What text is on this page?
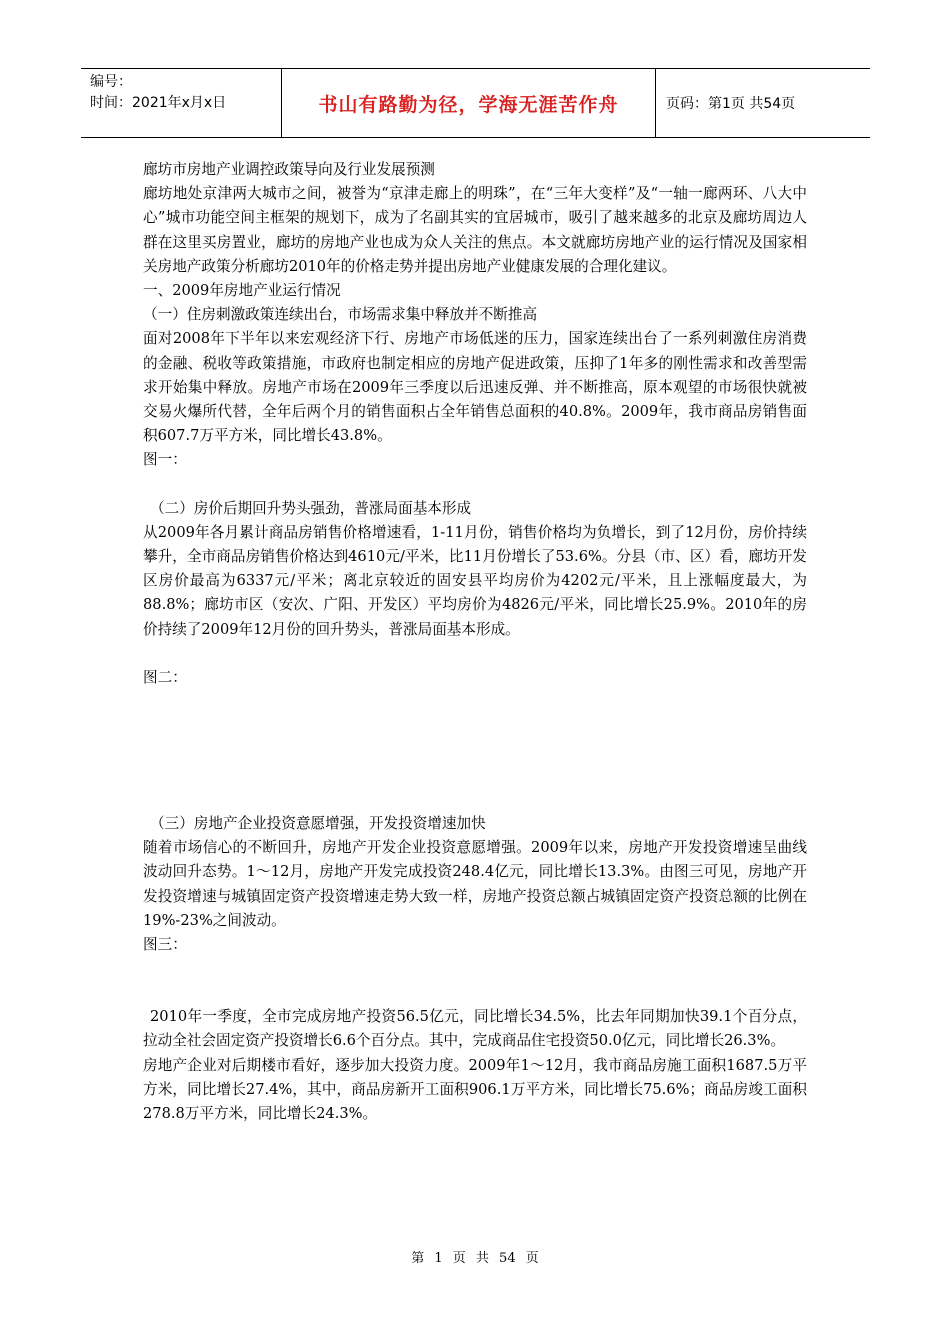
编号：
时间：2021年x月x日	书山有路勤为径，学海无涯苦作舟	页码：第1页 共54页

廊坊市房地产业调控政策导向及行业发展预测

廊坊地处京津两大城市之间，被誉为“京津走廊上的明珠”，在“三年大变样”及“一轴一廊两环、八大中心”城市功能空间主框架的规划下，成为了名副其实的宜居城市，吸引了越来越多的北京及廊坊周边人群在这里买房置业，廊坊的房地产业也成为众人关注的焦点。本文就廊坊房地产业的运行情况及国家相关房地产政策分析廊坊2010年的价格走势并提出房地产业健康发展的合理化建议。

一、2009年房地产业运行情况

（一）住房刺激政策连续出台，市场需求集中释放并不断推高

面对2008年下半年以来宏观经济下行、房地产市场低迷的压力，国家连续出台了一系列刺激住房消费的金融、税收等政策措施，市政府也制定相应的房地产促进政策，压抑了1年多的刚性需求和改善型需求开始集中释放。房地产市场在2009年三季度以后迅速反弹、并不断推高，原本观望的市场很快就被交易火爆所代替，全年后两个月的销售面积占全年销售总面积的40.8%。2009年，我市商品房销售面积607.7万平方米，同比增长43.8%。

图一：

（二）房价后期回升势头强劲，普涨局面基本形成

从2009年各月累计商品房销售价格增速看，1-11月份，销售价格均为负增长，到了12月份，房价持续攀升，全市商品房销售价格达到4610元/平米，比11月份增长了53.6%。分县（市、区）看，廊坊开发区房价最高为6337元/平米；离北京较近的固安县平均房价为4202元/平米，且上涨幅度最大，为88.8%；廊坊市区（安次、广阳、开发区）平均房价为4826元/平米，同比增长25.9%。2010年的房价持续了2009年12月份的回升势头，普涨局面基本形成。

图二：

（三）房地产企业投资意愿增强，开发投资增速加快

随着市场信心的不断回升，房地产开发企业投资意愿增强。2009年以来，房地产开发投资增速呈曲线波动回升态势。1～12月，房地产开发完成投资248.4亿元，同比增长13.3%。由图三可见，房地产开发投资增速与城镇固定资产投资增速走势大致一样，房地产投资总额占城镇固定资产投资总额的比例在19%-23%之间波动。

图三：

2010年一季度，全市完成房地产投资56.5亿元，同比增长34.5%，比去年同期加快39.1个百分点，拉动全社会固定资产投资增长6.6个百分点。其中，完成商品住宅投资50.0亿元，同比增长26.3%。

房地产企业对后期楼市看好，逐步加大投资力度。2009年1～12月，我市商品房施工面积1687.5万平方米，同比增长27.4%，其中，商品房新开工面积906.1万平方米，同比增长75.6%；商品房竣工面积278.8万平方米，同比增长24.3%。

第 1 页 共 54 页
